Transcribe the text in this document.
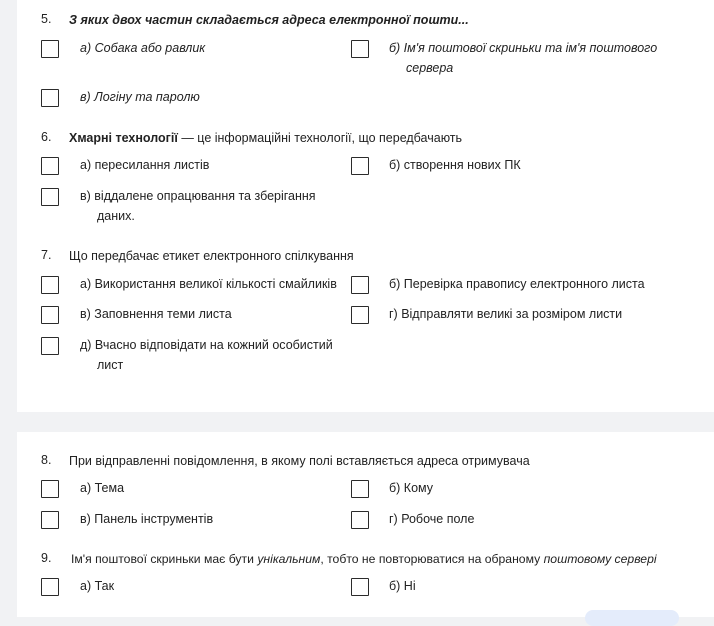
5. З яких двох частин складається адреса електронної пошти...
а) Собака або равлик	б) Ім'я поштової скриньки та ім'я поштового
сервера
в) Логіну та паролю
6. Хмарні технології — це інформаційні технології, що передбачають
а) пересилання листів	б) створення нових ПК
в) віддалене опрацювання та зберігання
даних.
7. Що передбачає етикет електронного спілкування
а) Використання великої кількості смайликів	б) Перевірка правопису електронного листа
в) Заповнення теми листа	г) Відправляти великі за розміром листи
д) Вчасно відповідати на кожний особистий
лист
8. При відправленні повідомлення, в якому полі вставляється адреса отримувача
а) Тема	б) Кому
в) Панель інструментів	г) Робоче поле
9. Ім'я поштової скриньки має бути унікальним, тобто не повторюватися на обраному поштовому сервері
а) Так	б) Ні
